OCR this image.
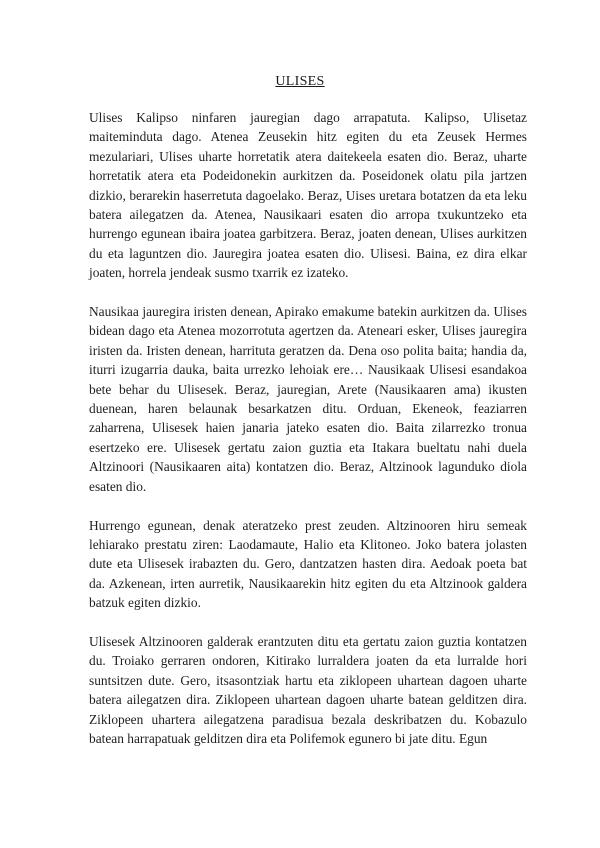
ULISES

Ulises Kalipso ninfaren jauregian dago arrapatuta. Kalipso, Ulisetaz maiteminduta dago. Atenea Zeusekin hitz egiten du eta Zeusek Hermes mezulariari, Ulises uharte horretatik atera daitekeela esaten dio. Beraz, uharte horretatik atera eta Podeidonekin aurkitzen da. Poseidonek olatu pila jartzen dizkio, berarekin haserretuta dagoelako. Beraz, Uises uretara botatzen da eta leku batera ailegatzen da. Atenea, Nausikaari esaten dio arropa txukuntzeko eta hurrengo egunean ibaira joatea garbitzera. Beraz, joaten denean, Ulises aurkitzen du eta laguntzen dio. Jauregira joatea esaten dio. Ulisesi. Baina, ez dira elkar joaten, horrela jendeak susmo txarrik ez izateko.

Nausikaa jauregira iristen denean, Apirako emakume batekin aurkitzen da. Ulises bidean dago eta Atenea mozorrotuta agertzen da. Ateneari esker, Ulises jauregira iristen da. Iristen denean, harrituta geratzen da. Dena oso polita baita; handia da, iturri izugarria dauka, baita urrezko lehoiak ere… Nausikaak Ulisesi esandakoa bete behar du Ulisesek. Beraz, jauregian, Arete (Nausikaaren ama) ikusten duenean, haren belaunak besarkatzen ditu. Orduan, Ekeneok, feaziarren zaharrena, Ulisesek haien janaria jateko esaten dio. Baita zilarrezko tronua esertzeko ere. Ulisesek gertatu zaion guztia eta Itakara bueltatu nahi duela Altzinoori (Nausikaaren aita) kontatzen dio. Beraz, Altzinook lagunduko diola esaten dio.

Hurrengo egunean, denak ateratzeko prest zeuden. Altzinooren hiru semeak lehiarako prestatu ziren: Laodamaute, Halio eta Klitoneo. Joko batera jolasten dute eta Ulisesek irabazten du. Gero, dantzatzen hasten dira. Aedoak poeta bat da. Azkenean, irten aurretik, Nausikaarekin hitz egiten du eta Altzinook galdera batzuk egiten dizkio.

Ulisesek Altzinooren galderak erantzuten ditu eta gertatu zaion guztia kontatzen du. Troiako gerraren ondoren, Kitirako lurraldera joaten da eta lurralde hori suntsitzen dute. Gero, itsasontziak hartu eta ziklopeen uhartean dagoen uharte batera ailegatzen dira. Ziklopeen uhartean dagoen uharte batean gelditzen dira. Ziklopeen uhartera ailegatzena paradisua bezala deskribatzen du. Kobazulo batean harrapatuak gelditzen dira eta Polifemok egunero bi jate ditu. Egun
